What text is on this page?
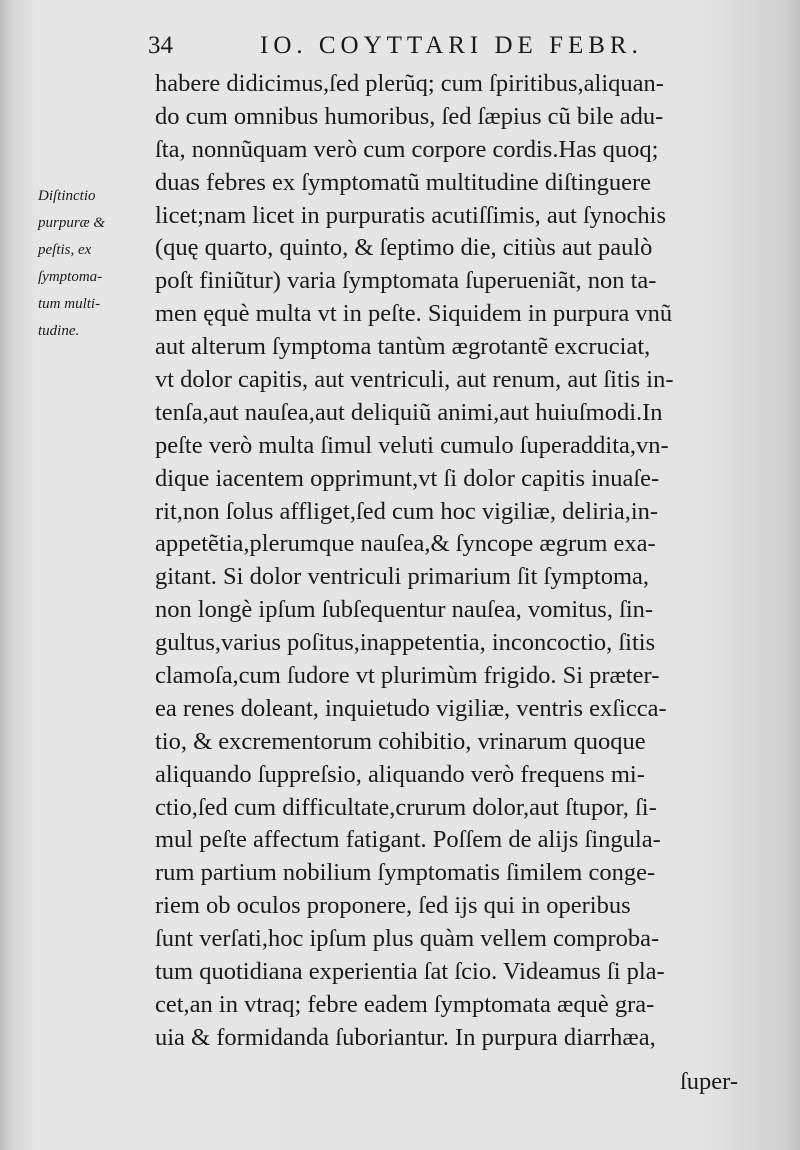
34	IO. COYTTARI DE FEBR.
Diſtinctio
purpuræ &
peſtis, ex
ſymptoma-
tum multi-
tudine.
habere didicimus,ſed plerũq; cum ſpiritibus,aliquan-
do cum omnibus humoribus, ſed ſæpius cũ bile adu-
ſta, nonnũquam verò cum corpore cordis.Has quoq;
duas febres ex ſymptomatũ multitudine diſtinguere
licet;nam licet in purpuratis acutiſſimis, aut ſynochis
(quę quarto, quinto, & ſeptimo die, citiùs aut paulò
poſt finiũtur) varia ſymptomata ſuperueniãt, non ta-
men ęquè multa vt in peſte. Siquidem in purpura vnũ
aut alterum ſymptoma tantùm ægrotantẽ excruciat,
vt dolor capitis, aut ventriculi, aut renum, aut ſitis in-
tenſa,aut nauſea,aut deliquiũ animi,aut huiuſmodi.In
peſte verò multa ſimul veluti cumulo ſuperaddita,vn-
dique iacentem opprimunt,vt ſi dolor capitis inuaſe-
rit,non ſolus affliget,ſed cum hoc vigiliæ, deliria,in-
appetẽtia,plerumque nauſea,& ſyncope ægrum exa-
gitant. Si dolor ventriculi primarium ſit ſymptoma,
non longè ipſum ſubſequentur nauſea, vomitus, ſin-
gultus,varius poſitus,inappetentia, inconcoctio, ſitis
clamoſa,cum ſudore vt plurimùm frigido. Si præter-
ea renes doleant, inquietudo vigiliæ, ventris exſicca-
tio, & excrementorum cohibitio, vrinarum quoque
aliquando ſuppreſsio, aliquando verò frequens mi-
ctio,ſed cum difficultate,crurum dolor,aut ſtupor, ſi-
mul peſte affectum fatigant. Poſſem de alijs ſingula-
rum partium nobilium ſymptomatis ſimilem conge-
riem ob oculos proponere, ſed ijs qui in operibus
ſunt verſati,hoc ipſum plus quàm vellem comproba-
tum quotidiana experientia ſat ſcio. Videamus ſi pla-
cet,an in vtraq; febre eadem ſymptomata æquè gra-
uia & formidanda ſuboriantur. In purpura diarrhæa,
ſuper-
